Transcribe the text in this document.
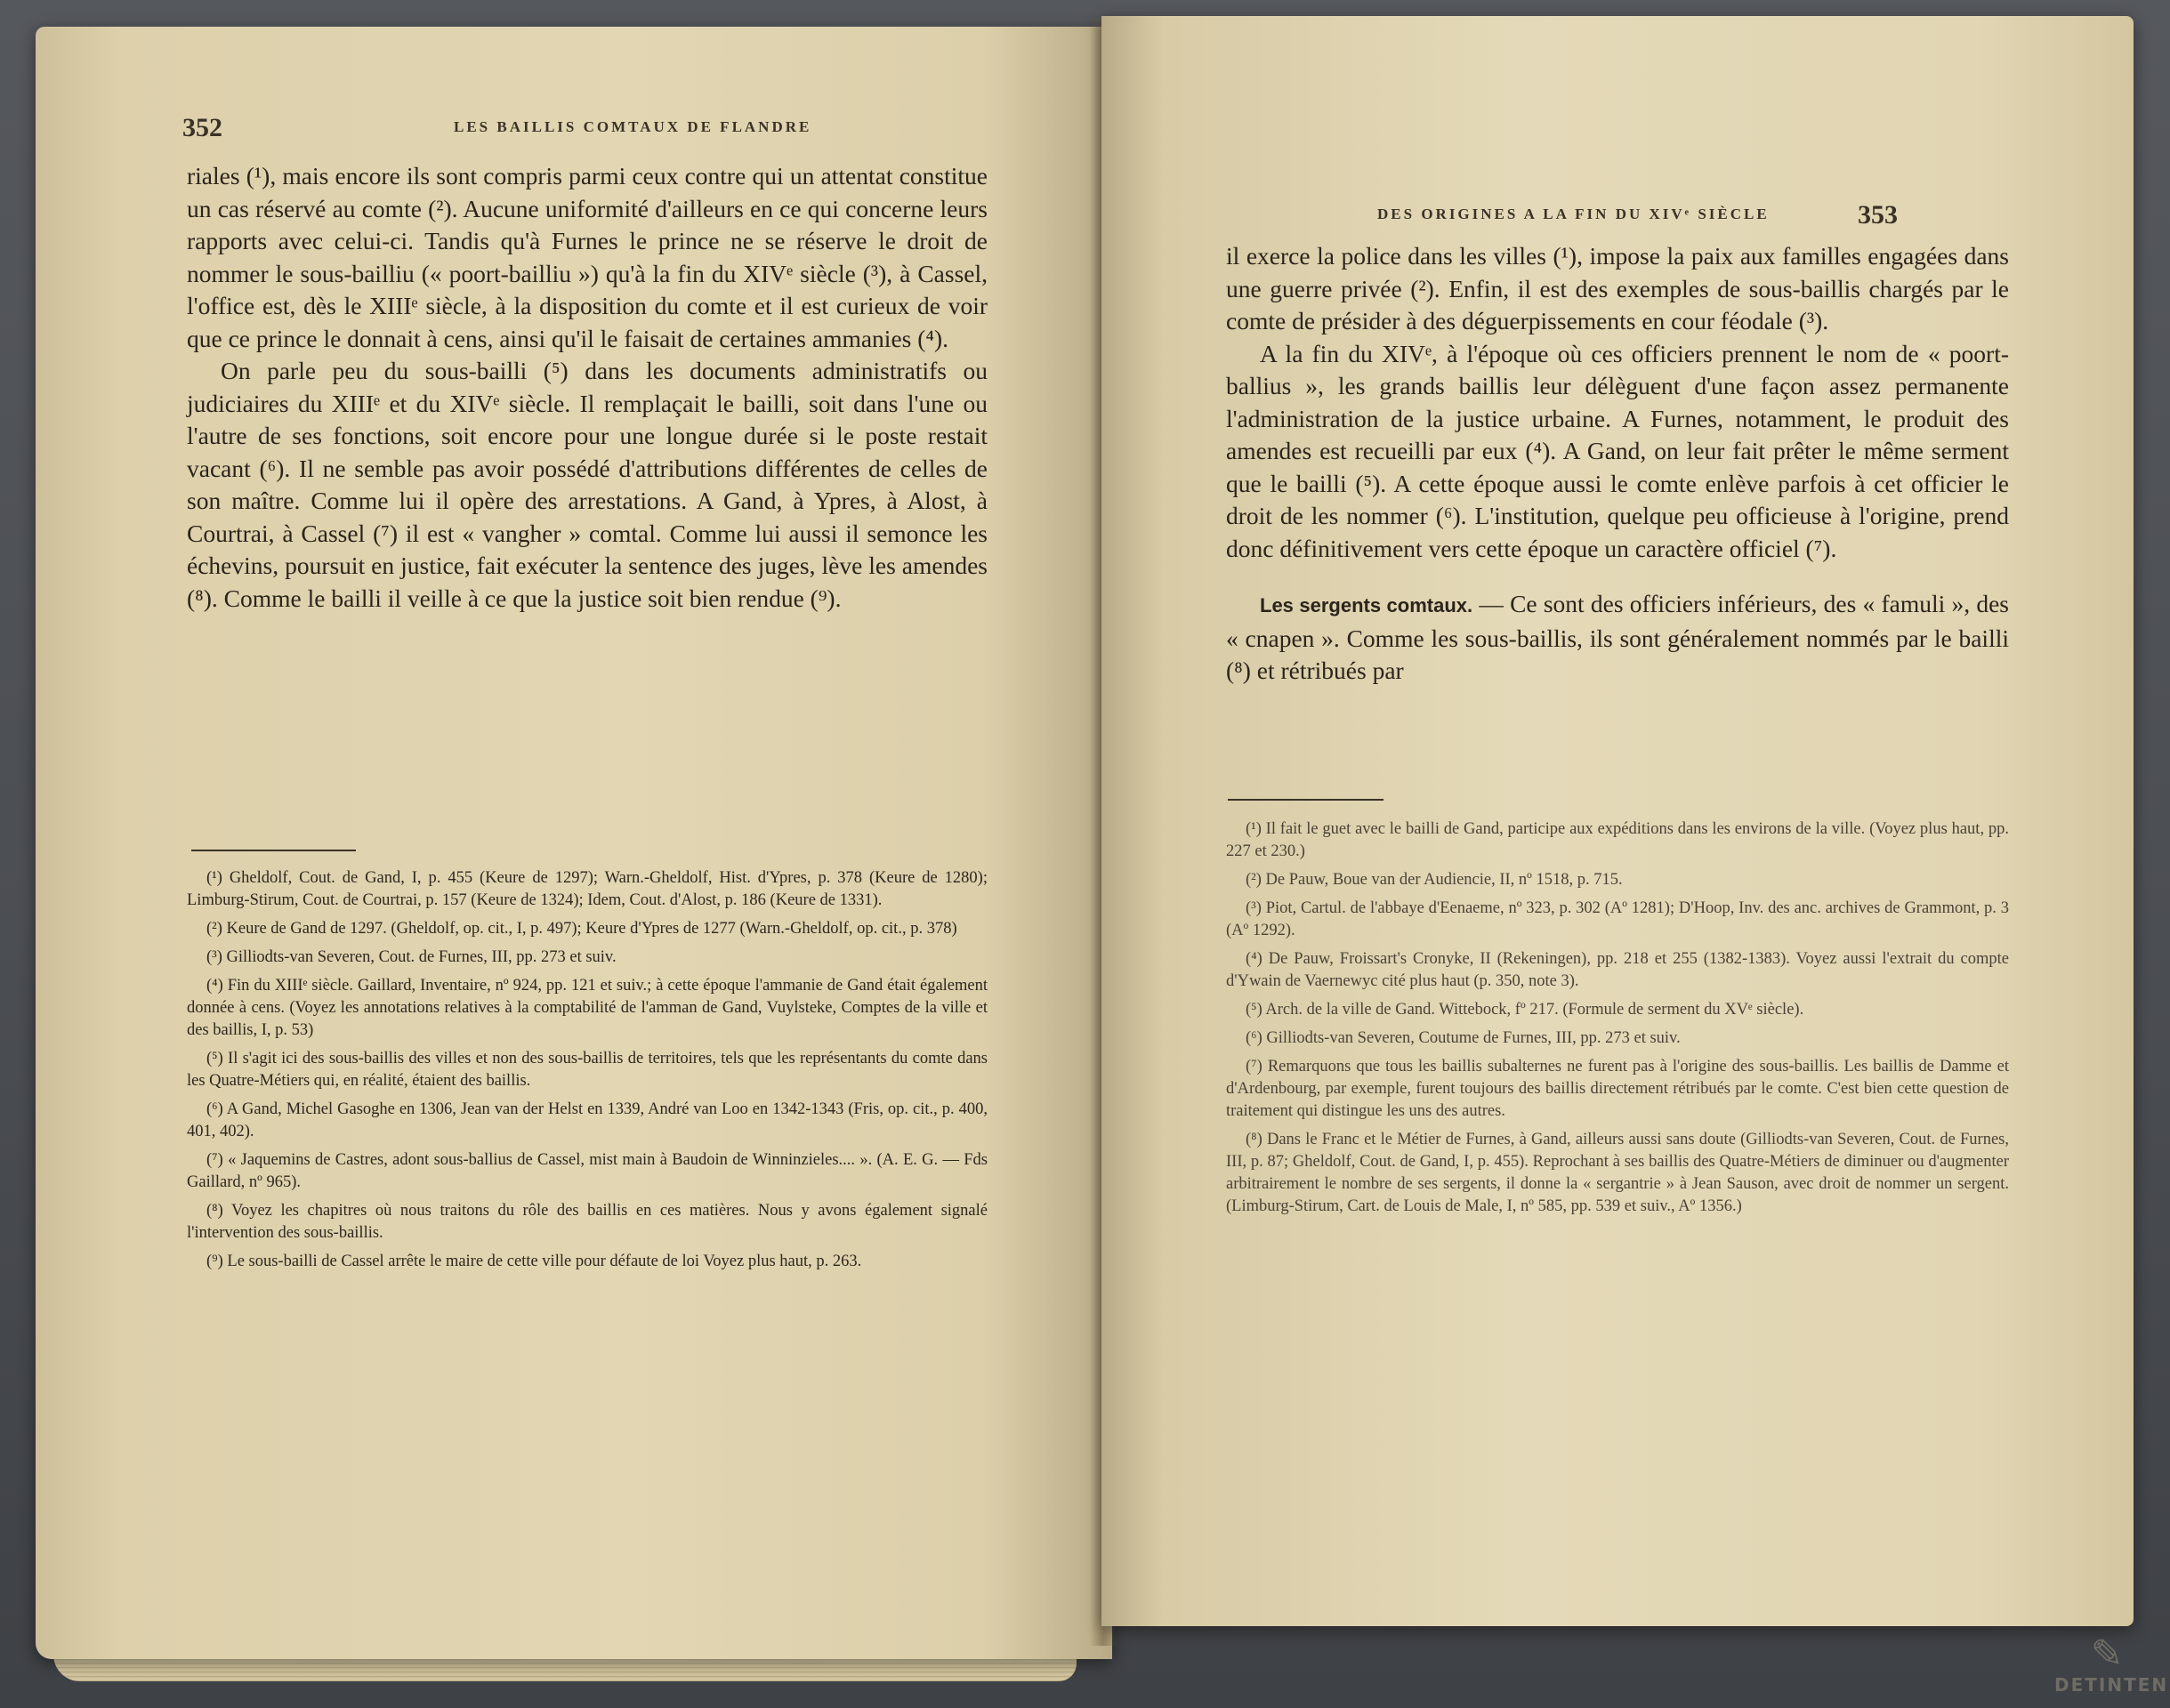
352	LES BAILLIS COMTAUX DE FLANDRE

riales (¹), mais encore ils sont compris parmi ceux contre qui un attentat constitue un cas réservé au comte (²). Aucune uniformité d'ailleurs en ce qui concerne leurs rapports avec celui-ci. Tandis qu'à Furnes le prince ne se réserve le droit de nommer le sous-bailliu (« poort-bailliu ») qu'à la fin du XIVᵉ siècle (³), à Cassel, l'office est, dès le XIIIᵉ siècle, à la disposition du comte et il est curieux de voir que ce prince le donnait à cens, ainsi qu'il le faisait de certaines ammanies (⁴).

On parle peu du sous-bailli (⁵) dans les documents administratifs ou judiciaires du XIIIᵉ et du XIVᵉ siècle. Il remplaçait le bailli, soit dans l'une ou l'autre de ses fonctions, soit encore pour une longue durée si le poste restait vacant (⁶). Il ne semble pas avoir possédé d'attributions différentes de celles de son maître. Comme lui il opère des arrestations. A Gand, à Ypres, à Alost, à Courtrai, à Cassel (⁷) il est « vangher » comtal. Comme lui aussi il semonce les échevins, poursuit en justice, fait exécuter la sentence des juges, lève les amendes (⁸). Comme le bailli il veille à ce que la justice soit bien rendue (⁹).

(¹) Gheldolf, Cout. de Gand, I, p. 455 (Keure de 1297); Warn.-Gheldolf, Hist. d'Ypres, p. 378 (Keure de 1280); Limburg-Stirum, Cout. de Courtrai, p. 157 (Keure de 1324); Idem, Cout. d'Alost, p. 186 (Keure de 1331).

(²) Keure de Gand de 1297. (Gheldolf, op. cit., I, p. 497); Keure d'Ypres de 1277 (Warn.-Gheldolf, op. cit., p. 378)

(³) Gilliodts-van Severen, Cout. de Furnes, III, pp. 273 et suiv.

(⁴) Fin du XIIIᵉ siècle. Gaillard, Inventaire, nº 924, pp. 121 et suiv.; à cette époque l'ammanie de Gand était également donnée à cens. (Voyez les annotations relatives à la comptabilité de l'amman de Gand, Vuylsteke, Comptes de la ville et des baillis, I, p. 53)

(⁵) Il s'agit ici des sous-baillis des villes et non des sous-baillis de territoires, tels que les représentants du comte dans les Quatre-Métiers qui, en réalité, étaient des baillis.

(⁶) A Gand, Michel Gasoghe en 1306, Jean van der Helst en 1339, André van Loo en 1342-1343 (Fris, op. cit., p. 400, 401, 402).

(⁷) « Jaquemins de Castres, adont sous-ballius de Cassel, mist main à Baudoin de Winninzieles.... ». (A. E. G. — Fds Gaillard, nº 965).

(⁸) Voyez les chapitres où nous traitons du rôle des baillis en ces matières. Nous y avons également signalé l'intervention des sous-baillis.

(⁹) Le sous-bailli de Cassel arrête le maire de cette ville pour défaute de loi Voyez plus haut, p. 263.

DES ORIGINES A LA FIN DU XIVᵉ SIÈCLE	353

il exerce la police dans les villes (¹), impose la paix aux familles engagées dans une guerre privée (²). Enfin, il est des exemples de sous-baillis chargés par le comte de présider à des déguerpissements en cour féodale (³).

A la fin du XIVᵉ, à l'époque où ces officiers prennent le nom de « poort-ballius », les grands baillis leur délèguent d'une façon assez permanente l'administration de la justice urbaine. A Furnes, notamment, le produit des amendes est recueilli par eux (⁴). A Gand, on leur fait prêter le même serment que le bailli (⁵). A cette époque aussi le comte enlève parfois à cet officier le droit de les nommer (⁶). L'institution, quelque peu officieuse à l'origine, prend donc définitivement vers cette époque un caractère officiel (⁷).

Les sergents comtaux. — Ce sont des officiers inférieurs, des « famuli », des « cnapen ». Comme les sous-baillis, ils sont généralement nommés par le bailli (⁸) et rétribués par

(¹) Il fait le guet avec le bailli de Gand, participe aux expéditions dans les environs de la ville. (Voyez plus haut, pp. 227 et 230.)

(²) De Pauw, Boue van der Audiencie, II, nº 1518, p. 715.

(³) Piot, Cartul. de l'abbaye d'Eenaeme, nº 323, p. 302 (Aº 1281); D'Hoop, Inv. des anc. archives de Grammont, p. 3 (Aº 1292).

(⁴) De Pauw, Froissart's Cronyke, II (Rekeningen), pp. 218 et 255 (1382-1383). Voyez aussi l'extrait du compte d'Ywain de Vaernewyc cité plus haut (p. 350, note 3).

(⁵) Arch. de la ville de Gand. Wittebock, fº 217. (Formule de serment du XVᵉ siècle).

(⁶) Gilliodts-van Severen, Coutume de Furnes, III, pp. 273 et suiv.

(⁷) Remarquons que tous les baillis subalternes ne furent pas à l'origine des sous-baillis. Les baillis de Damme et d'Ardenbourg, par exemple, furent toujours des baillis directement rétribués par le comte. C'est bien cette question de traitement qui distingue les uns des autres.

(⁸) Dans le Franc et le Métier de Furnes, à Gand, ailleurs aussi sans doute (Gilliodts-van Severen, Cout. de Furnes, III, p. 87; Gheldolf, Cout. de Gand, I, p. 455). Reprochant à ses baillis des Quatre-Métiers de diminuer ou d'augmenter arbitrairement le nombre de ses sergents, il donne la « sergantrie » à Jean Sauson, avec droit de nommer un sergent. (Limburg-Stirum, Cart. de Louis de Male, I, nº 585, pp. 539 et suiv., Aº 1356.)

✎
DETINTEN
